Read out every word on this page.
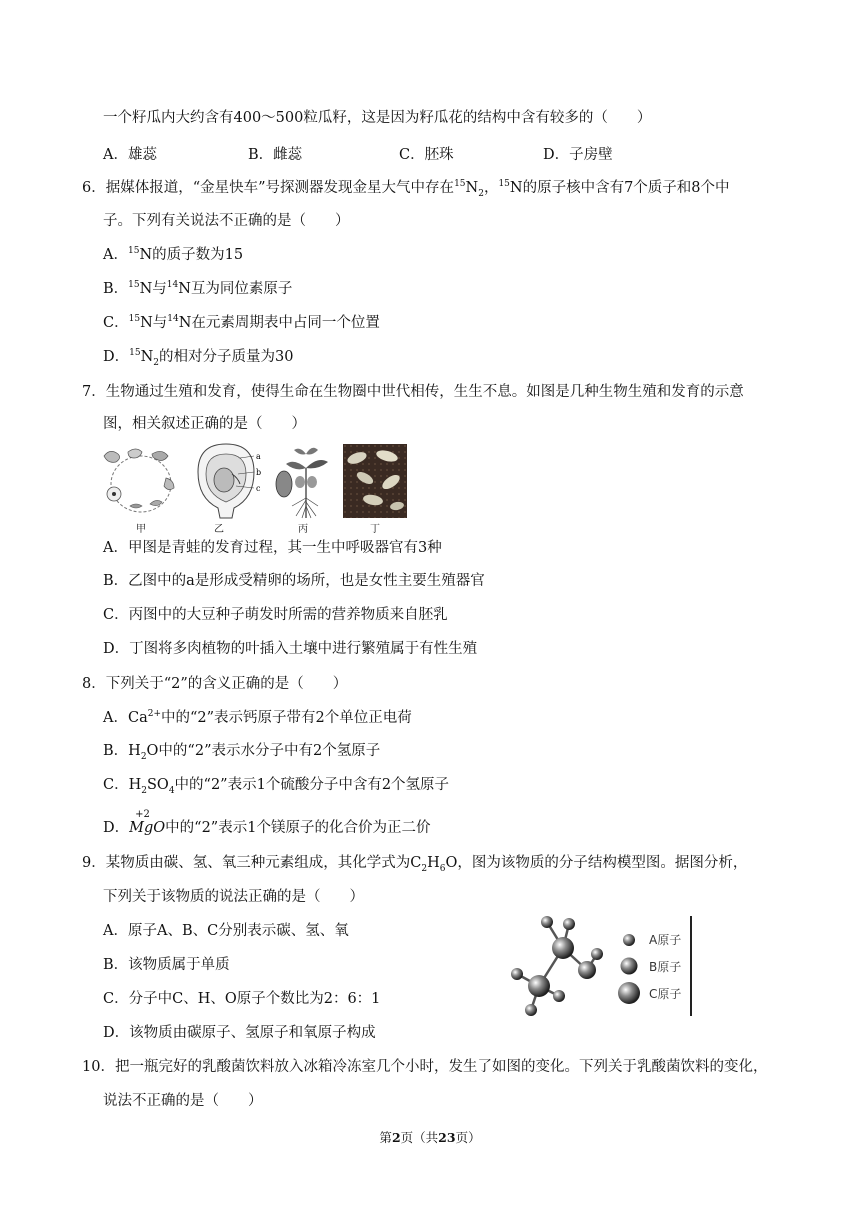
一个籽瓜内大约含有400～500粒瓜籽，这是因为籽瓜花的结构中含有较多的（　　）
A．雄蕊	B．雌蕊	C．胚珠	D．子房壁
6．据媒体报道，“金星快车”号探测器发现金星大气中存在$^{15}N_2$，$^{15}$N的原子核中含有7个质子和8个中
子。下列有关说法不正确的是（　　）
A．$^{15}$N的质子数为15
B．$^{15}$N与$^{14}$N互为同位素原子
C．$^{15}$N与$^{14}$N在元素周期表中占同一个位置
D．$^{15}N_2$的相对分子质量为30
7．生物通过生殖和发育，使得生命在生物圈中世代相传，生生不息。如图是几种生物生殖和发育的示意
图，相关叙述正确的是（　　）
a
b
c
甲	乙	丙	丁
A．甲图是青蛙的发育过程，其一生中呼吸器官有3种
B．乙图中的a是形成受精卵的场所，也是女性主要生殖器官
C．丙图中的大豆种子萌发时所需的营养物质来自胚乳
D．丁图将多肉植物的叶插入土壤中进行繁殖属于有性生殖
8．下列关于“2”的含义正确的是（　　）
A．$Ca^{2+}$中的“2”表示钙原子带有2个单位正电荷
B．$H_2O$中的“2”表示水分子中有2个氢原子
C．$H_2SO_4$中的“2”表示1个硫酸分子中含有2个氢原子
D．
+2
MgO中的“2”表示1个镁原子的化合价为正二价
9．某物质由碳、氢、氧三种元素组成，其化学式为$C_2H_6O$，图为该物质的分子结构模型图。据图分析，
下列关于该物质的说法正确的是（　　）
A．原子A、B、C分别表示碳、氢、氧
B．该物质属于单质
C．分子中C、H、O原子个数比为2：6：1
D．该物质由碳原子、氢原子和氧原子构成
A原子
B原子
C原子
10．把一瓶完好的乳酸菌饮料放入冰箱冷冻室几个小时，发生了如图的变化。下列关于乳酸菌饮料的变化，
说法不正确的是（　　）
第2页（共23页）
